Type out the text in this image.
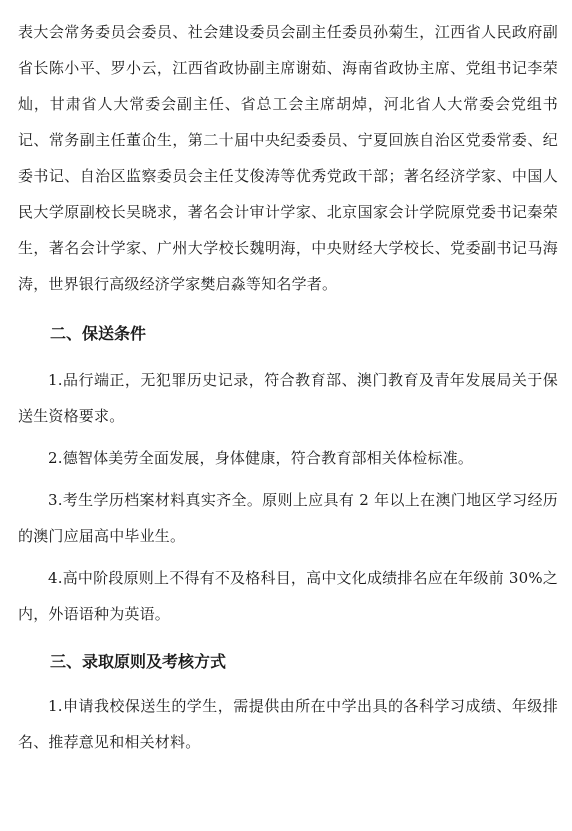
表大会常务委员会委员、社会建设委员会副主任委员孙菊生，江西省人民政府副省长陈小平、罗小云，江西省政协副主席谢茹、海南省政协主席、党组书记李荣灿，甘肃省人大常委会副主任、省总工会主席胡焯，河北省人大常委会党组书记、常务副主任董仚生，第二十届中央纪委委员、宁夏回族自治区党委常委、纪委书记、自治区监察委员会主任艾俊涛等优秀党政干部；著名经济学家、中国人民大学原副校长吴晓求，著名会计审计学家、北京国家会计学院原党委书记秦荣生，著名会计学家、广州大学校长魏明海，中央财经大学校长、党委副书记马海涛，世界银行高级经济学家樊启淼等知名学者。

二、保送条件

1.品行端正，无犯罪历史记录，符合教育部、澳门教育及青年发展局关于保送生资格要求。

2.德智体美劳全面发展，身体健康，符合教育部相关体检标准。

3.考生学历档案材料真实齐全。原则上应具有 2 年以上在澳门地区学习经历的澳门应届高中毕业生。

4.高中阶段原则上不得有不及格科目，高中文化成绩排名应在年级前 30%之内，外语语种为英语。

三、录取原则及考核方式

1.申请我校保送生的学生，需提供由所在中学出具的各科学习成绩、年级排名、推荐意见和相关材料。
